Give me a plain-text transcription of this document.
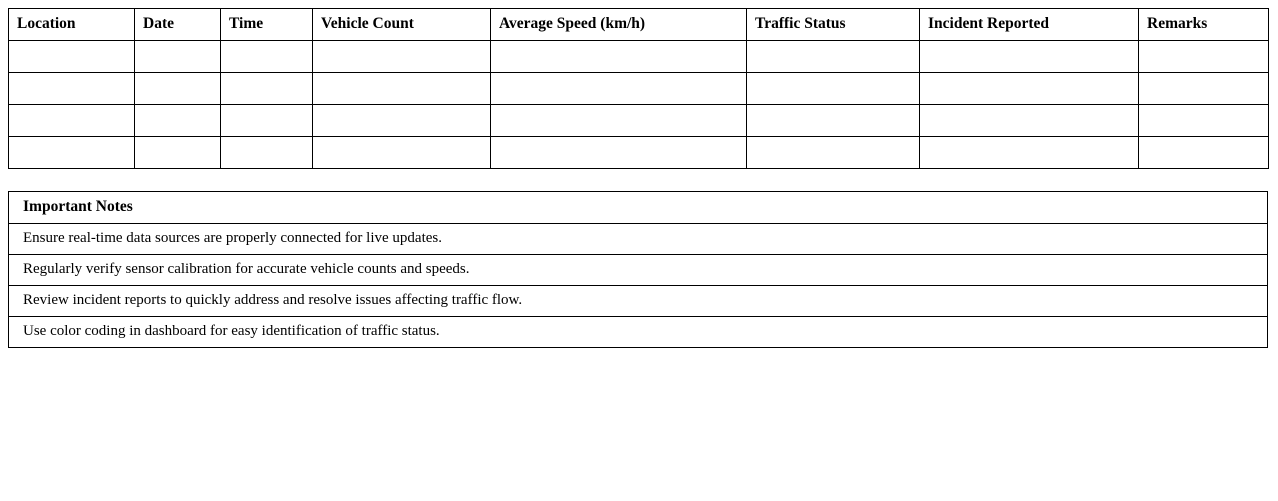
Location	Date	Time	Vehicle Count	Average Speed (km/h)	Traffic Status	Incident Reported	Remarks

Important Notes
Ensure real-time data sources are properly connected for live updates.
Regularly verify sensor calibration for accurate vehicle counts and speeds.
Review incident reports to quickly address and resolve issues affecting traffic flow.
Use color coding in dashboard for easy identification of traffic status.
